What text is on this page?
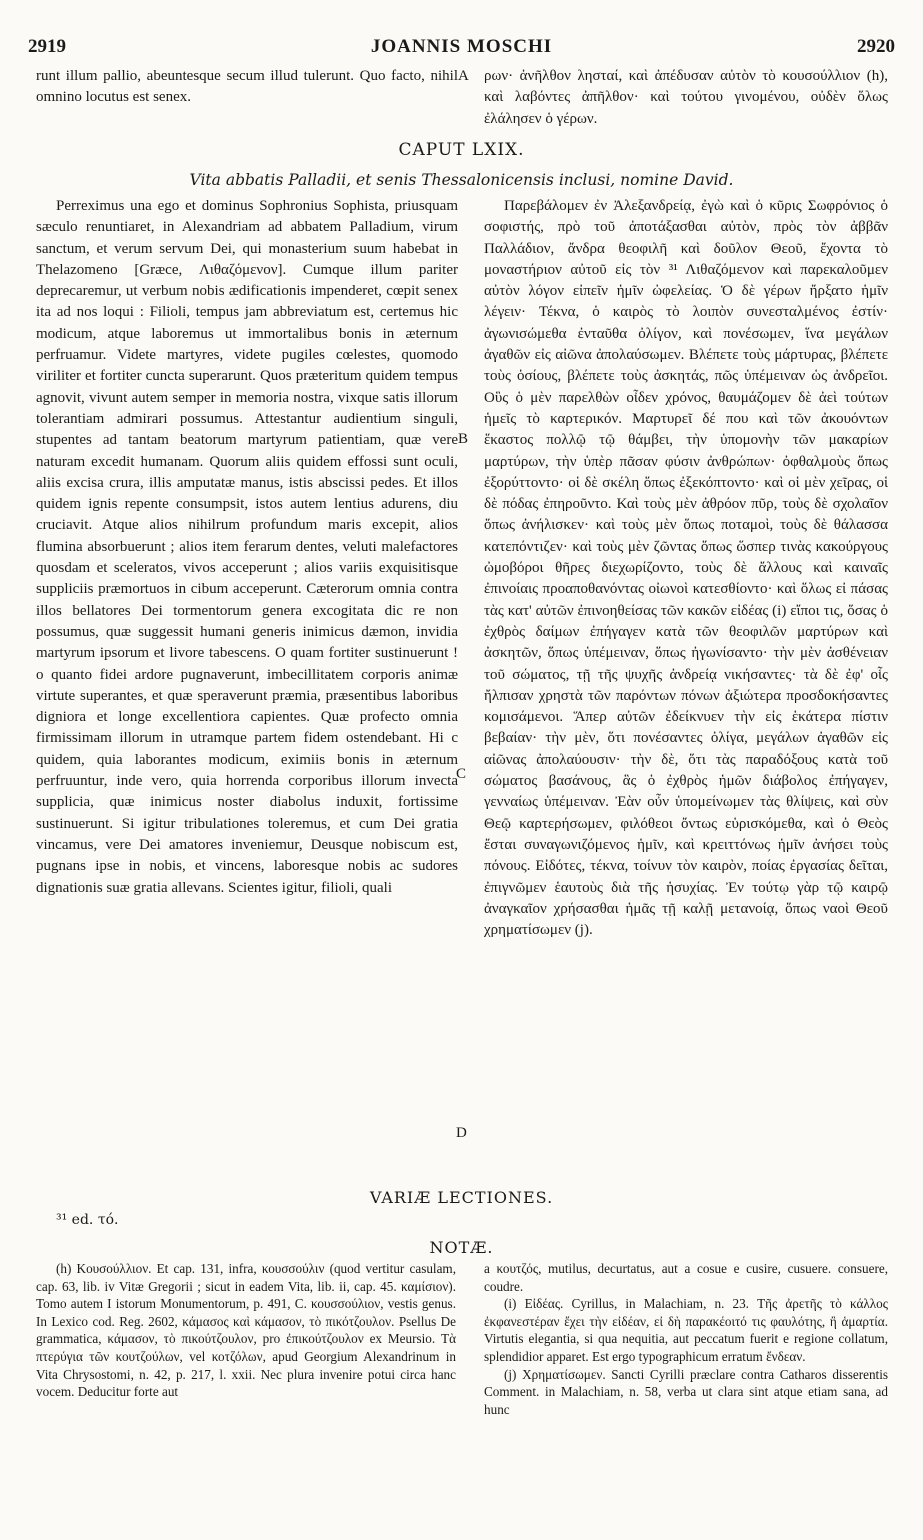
2919	JOANNIS MOSCHI	2920

runt illum pallio, abeuntesque secum illud tulerunt. Quo facto, nihil omnino locutus est senex.

ρων· ἀνῆλθον λησταί, καὶ ἀπέδυσαν αὐτὸν τὸ κουσούλλιον (h), καὶ λαβόντες ἀπῆλθον· καὶ τούτου γινομένου, οὐδὲν ὅλως ἐλάλησεν ὁ γέρων.

A
CAPUT LXIX.
Vita abbatis Palladii, et senis Thessalonicensis inclusi, nomine David.

Perreximus una ego et dominus Sophronius Sophista, priusquam sæculo renuntiaret, in Alexandriam ad abbatem Palladium, virum sanctum, et verum servum Dei, qui monasterium suum habebat in Thelazomeno [Græce, Λιθαζόμενον]. Cumque illum pariter deprecaremur, ut verbum nobis ædificationis impenderet, cœpit senex ita ad nos loqui : Filioli, tempus jam abbreviatum est, certemus hic modicum, atque laboremus ut immortalibus bonis in æternum perfruamur. Videte martyres, videte pugiles cœlestes, quomodo viriliter et fortiter cuncta superarunt. Quos præteritum quidem tempus agnovit, vivunt autem semper in memoria nostra, vixque satis illorum tolerantiam admirari possumus. Attestantur audientium singuli, stupentes ad tantam beatorum martyrum patientiam, quæ vere naturam excedit humanam. Quorum aliis quidem effossi sunt oculi, aliis excisa crura, illis amputatæ manus, istis abscissi pedes. Et illos quidem ignis repente consumpsit, istos autem lentius adurens, diu cruciavit. Atque alios nihilrum profundum maris excepit, alios flumina absorbuerunt ; alios item ferarum dentes, veluti malefactores quosdam et sceleratos, vivos acceperunt ; alios variis exquisitisque suppliciis præmortuos in cibum acceperunt. Cæterorum omnia contra illos bellatores Dei tormentorum genera excogitata dic re non possumus, quæ suggessit humani generis inimicus dæmon, invidia martyrum ipsorum et livore tabescens. O quam fortiter sustinuerunt ! o quanto fidei ardore pugnaverunt, imbecillitatem corporis animæ virtute superantes, et quæ speraverunt præmia, præsentibus laboribus digniora et longe excellentiora capientes. Quæ profecto omnia firmissimam illorum in utramque partem fidem ostendebant. Hi c quidem, quia laborantes modicum, eximiis bonis in æternum perfruuntur, inde vero, quia horrenda corporibus illorum invecta supplicia, quæ inimicus noster diabolus induxit, fortissime sustinuerunt. Si igitur tribulationes toleremus, et cum Dei gratia vincamus, vere Dei amatores inveniemur, Deusque nobiscum est, pugnans ipse in nobis, et vincens, laboresque nobis ac sudores dignationis suæ gratia allevans. Scientes igitur, filioli, quali

Παρεβάλομεν ἐν Ἀλεξανδρείᾳ, ἐγὼ καὶ ὁ κῦρις Σωφρόνιος ὁ σοφιστής, πρὸ τοῦ ἀποτάξασθαι αὐτὸν, πρὸς τὸν ἀββᾶν Παλλάδιον, ἄνδρα θεοφιλῆ καὶ δοῦλον Θεοῦ, ἔχοντα τὸ μοναστήριον αὐτοῦ εἰς τὸν ³¹ Λιθαζόμενον καὶ παρεκαλοῦμεν αὐτὸν λόγον εἰπεῖν ἡμῖν ὠφελείας. Ὁ δὲ γέρων ἤρξατο ἡμῖν λέγειν· Τέκνα, ὁ καιρὸς τὸ λοιπὸν συνεσταλμένος ἐστίν· ἀγωνισώμεθα ἐνταῦθα ὀλίγον, καὶ πονέσωμεν, ἵνα μεγάλων ἀγαθῶν εἰς αἰῶνα ἀπολαύσωμεν. Βλέπετε τοὺς μάρτυρας, βλέπετε τοὺς ὁσίους, βλέπετε τοὺς ἀσκητάς, πῶς ὑπέμειναν ὡς ἀνδρεῖοι. Οὓς ὁ μὲν παρελθὼν οἶδεν χρόνος, θαυμάζομεν δὲ ἀεὶ τούτων ἡμεῖς τὸ καρτερικόν. Μαρτυρεῖ δέ που καὶ τῶν ἀκουόντων ἕκαστος πολλῷ τῷ θάμβει, τὴν ὑπομονὴν τῶν μακαρίων μαρτύρων, τὴν ὑπὲρ πᾶσαν φύσιν ἀνθρώπων· ὀφθαλμοὺς ὅπως ἐξορύττοντο· οἱ δὲ σκέλη ὅπως ἐξεκόπτοντο· καὶ οἱ μὲν χεῖρας, οἱ δὲ πόδας ἐπηροῦντο. Καὶ τοὺς μὲν ἀθρόον πῦρ, τοὺς δὲ σχολαῖον ὅπως ἀνήλισκεν· καὶ τοὺς μὲν ὅπως ποταμοὶ, τοὺς δὲ θάλασσα κατεπόντιζεν· καὶ τοὺς μὲν ζῶντας ὅπως ὥσπερ τινὰς κακούργους ὠμοβόροι θῆρες διεχωρίζοντο, τοὺς δὲ ἄλλους καὶ καιναῖς ἐπινοίαις προαποθανόντας οἰωνοὶ κατεσθίοντο· καὶ ὅλως εἰ πάσας τὰς κατ' αὐτῶν ἐπινοηθείσας τῶν κακῶν εἰδέας (i) εἴποι τις, ὅσας ὁ ἐχθρὸς δαίμων ἐπήγαγεν κατὰ τῶν θεοφιλῶν μαρτύρων καὶ ἀσκητῶν, ὅπως ὑπέμειναν, ὅπως ἠγωνίσαντο· τὴν μὲν ἀσθένειαν τοῦ σώματος, τῇ τῆς ψυχῆς ἀνδρείᾳ νικήσαντες· τὰ δὲ ἐφ' οἷς ἤλπισαν χρηστὰ τῶν παρόντων πόνων ἀξιώτερα προσδοκήσαντες κομισάμενοι. Ἅπερ αὐτῶν ἐδείκνυεν τὴν εἰς ἑκάτερα πίστιν βεβαίαν· τὴν μὲν, ὅτι πονέσαντες ὀλίγα, μεγάλων ἀγαθῶν εἰς αἰῶνας ἀπολαύουσιν· τὴν δὲ, ὅτι τὰς παραδόξους κατὰ τοῦ σώματος βασάνους, ἃς ὁ ἐχθρὸς ἡμῶν διάβολος ἐπήγαγεν, γενναίως ὑπέμειναν. Ἐὰν οὖν ὑπομείνωμεν τὰς θλίψεις, καὶ σὺν Θεῷ καρτερήσωμεν, φιλόθεοι ὄντως εὑρισκόμεθα, καὶ ὁ Θεὸς ἔσται συναγωνιζόμενος ἡμῖν, καὶ κρειττόνως ἡμῖν ἀνήσει τοὺς πόνους. Εἰδότες, τέκνα, τοίνυν τὸν καιρὸν, ποίας ἐργασίας δεῖται, ἐπιγνῶμεν ἑαυτοὺς διὰ τῆς ἡσυχίας. Ἐν τούτῳ γὰρ τῷ καιρῷ ἀναγκαῖον χρήσασθαι ἡμᾶς τῇ καλῇ μετανοίᾳ, ὅπως ναοὶ Θεοῦ χρηματίσωμεν (j).

B
C
D
VARIÆ LECTIONES.
³¹ ed. τό.
NOTÆ.

(h) Κουσούλλιον. Et cap. 131, infra, κουσσούλιν (quod vertitur casulam, cap. 63, lib. iv Vitæ Gregorii ; sicut in eadem Vita, lib. ii, cap. 45. καμίσιον). Tomo autem I istorum Monumentorum, p. 491, C. κουσσούλιον, vestis genus. In Lexico cod. Reg. 2602, κάμασος καὶ κάμασον, τὸ πικότζουλον. Psellus De grammatica, κάμασον, τὸ πικούτζουλον, pro ἐπικούτζουλον ex Meursio. Τὰ πτερύγια τῶν κουτζούλων, vel κοτζόλων, apud Georgium Alexandrinum in Vita Chrysostomi, n. 42, p. 217, l. xxii. Nec plura invenire potui circa hanc vocem. Deducitur forte aut

a κουτζός, mutilus, decurtatus, aut a cosue e cusire, cusuere. consuere, coudre.

(i) Εἰδέας. Cyrillus, in Malachiam, n. 23. Τῆς ἀρετῆς τὸ κάλλος ἐκφανεστέραν ἔχει τὴν εἰδέαν, εἰ δὴ παρακέοιτό τις φαυλότης, ἢ ἁμαρτία. Virtutis elegantia, si qua nequitia, aut peccatum fuerit e regione collatum, splendidior apparet. Est ergo typographicum erratum ἔνδεαν.

(j) Χρηματίσωμεν. Sancti Cyrilli præclare contra Catharos disserentis Comment. in Malachiam, n. 58, verba ut clara sint atque etiam sana, ad hunc
